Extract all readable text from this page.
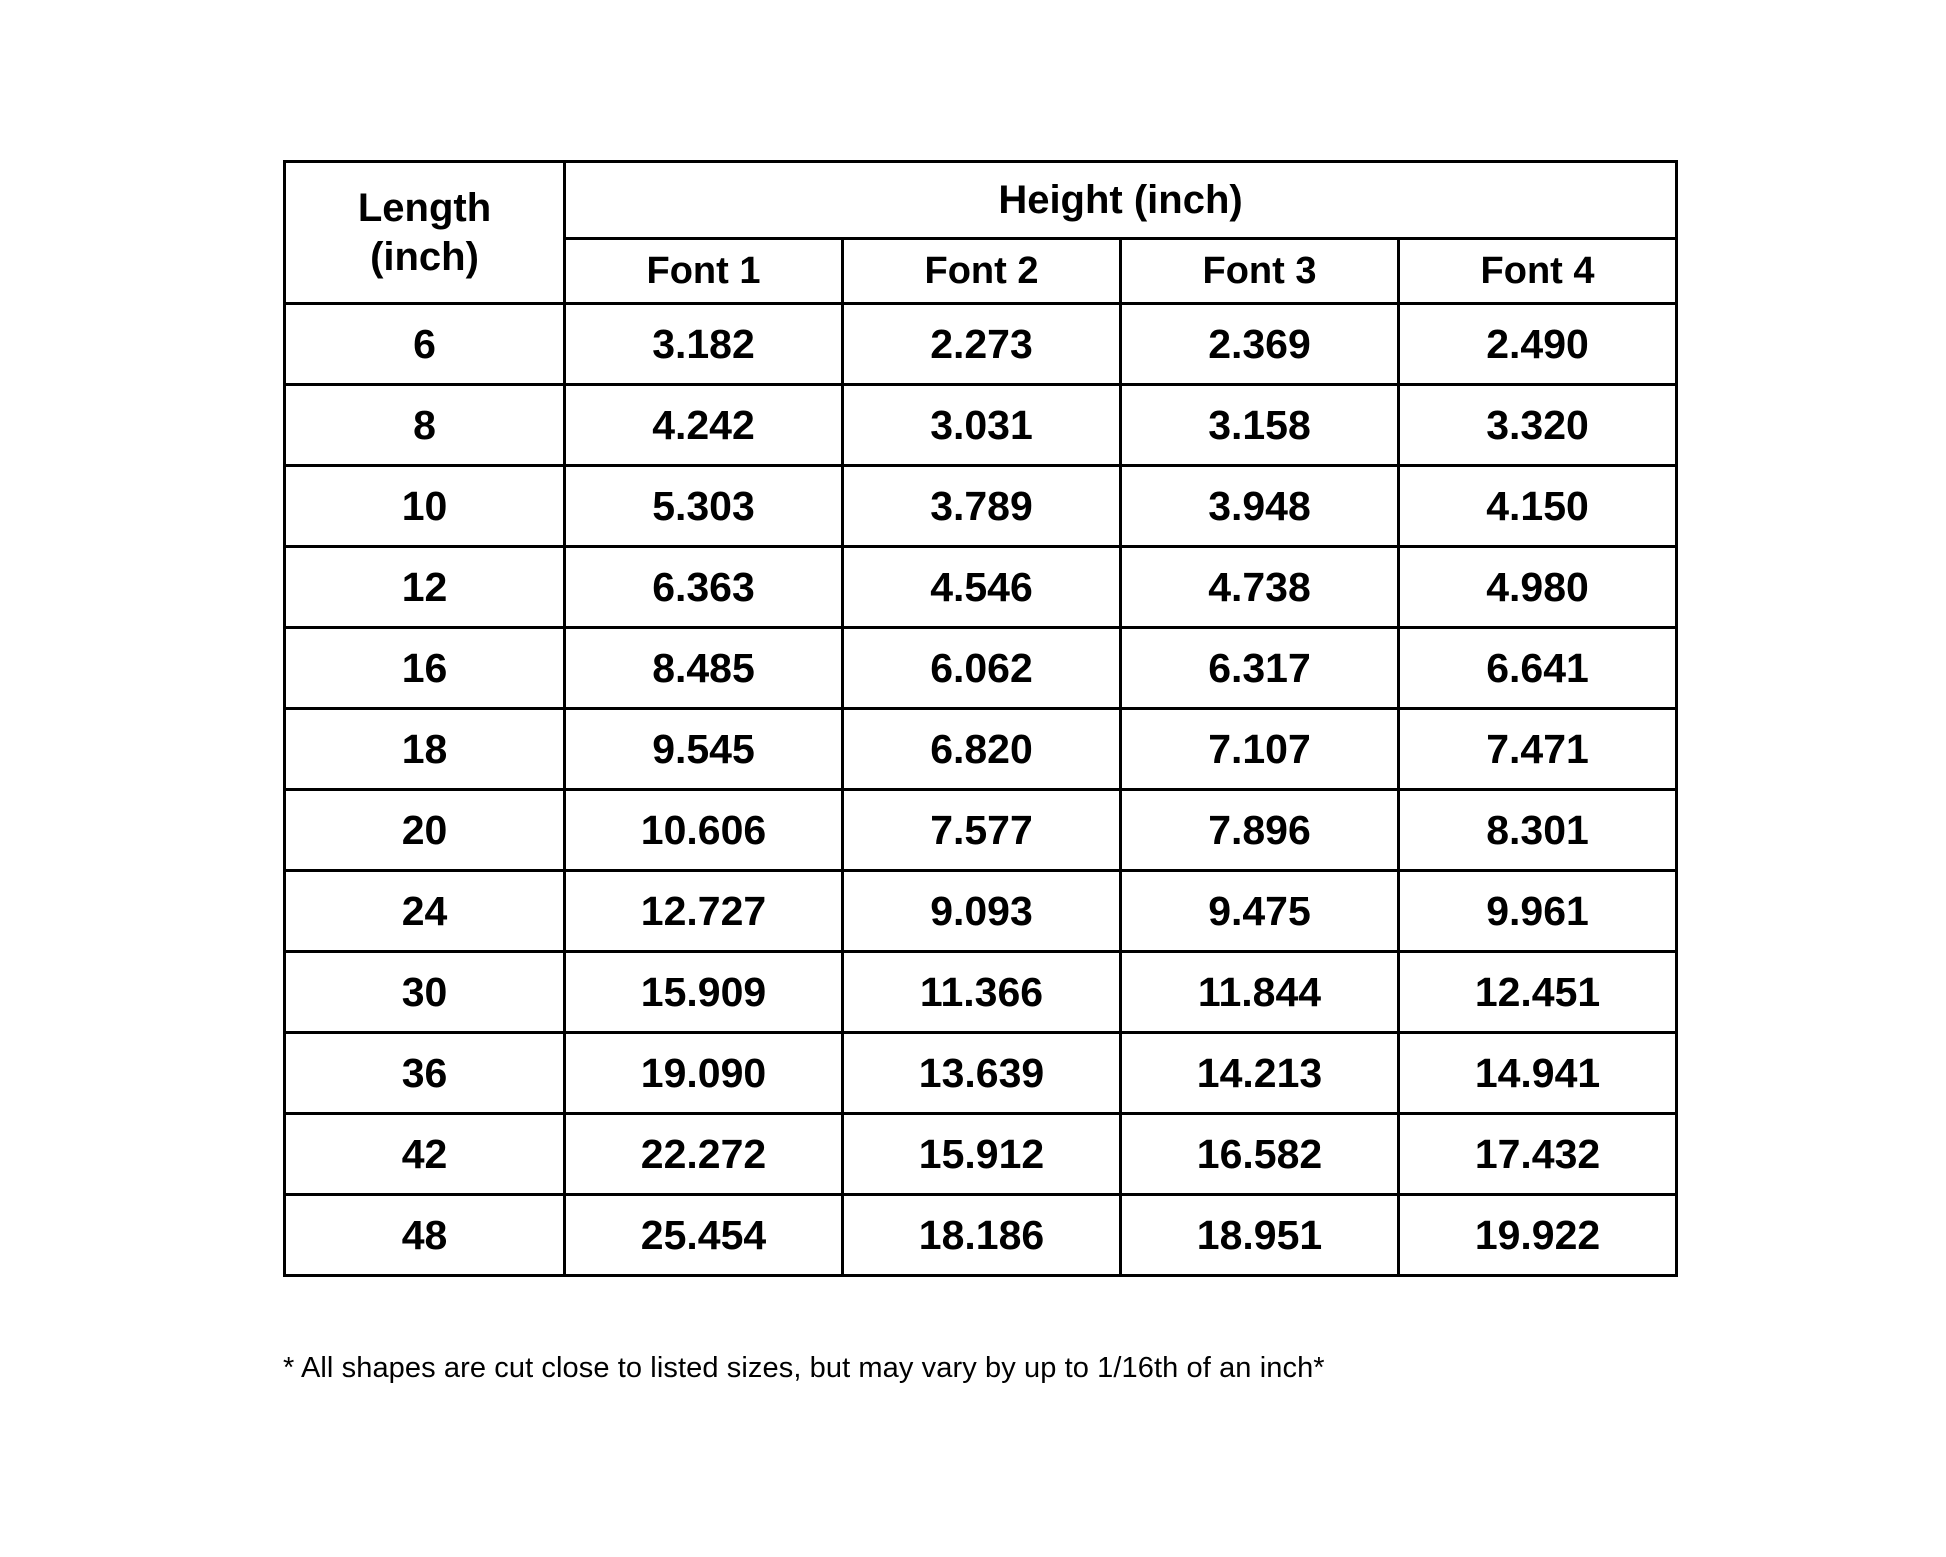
Length
(inch)	Height (inch)			
	Font 1	Font 2	Font 3	Font 4
6	3.182	2.273	2.369	2.490
8	4.242	3.031	3.158	3.320
10	5.303	3.789	3.948	4.150
12	6.363	4.546	4.738	4.980
16	8.485	6.062	6.317	6.641
18	9.545	6.820	7.107	7.471
20	10.606	7.577	7.896	8.301
24	12.727	9.093	9.475	9.961
30	15.909	11.366	11.844	12.451
36	19.090	13.639	14.213	14.941
42	22.272	15.912	16.582	17.432
48	25.454	18.186	18.951	19.922
* All shapes are cut close to listed sizes, but may vary by up to 1/16th of an inch*
